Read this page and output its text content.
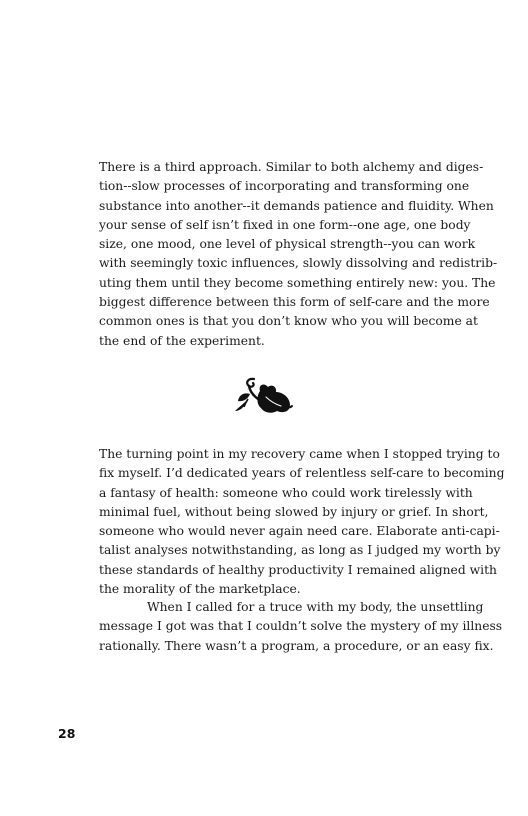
There is a third approach. Similar to both alchemy and diges-
tion--slow processes of incorporating and transforming one
substance into another--it demands patience and fluidity. When
your sense of self isn’t fixed in one form--one age, one body
size, one mood, one level of physical strength--you can work
with seemingly toxic influences, slowly dissolving and redistrib-
uting them until they become something entirely new: you. The
biggest difference between this form of self-care and the more
common ones is that you don’t know who you will become at
the end of the experiment.

The turning point in my recovery came when I stopped trying to
fix myself. I’d dedicated years of relentless self-care to becoming
a fantasy of health: someone who could work tirelessly with
minimal fuel, without being slowed by injury or grief. In short,
someone who would never again need care. Elaborate anti-capi-
talist analyses notwithstanding, as long as I judged my worth by
these standards of healthy productivity I remained aligned with
the morality of the marketplace.

When I called for a truce with my body, the unsettling
message I got was that I couldn’t solve the mystery of my illness
rationally. There wasn’t a program, a procedure, or an easy fix.

28
